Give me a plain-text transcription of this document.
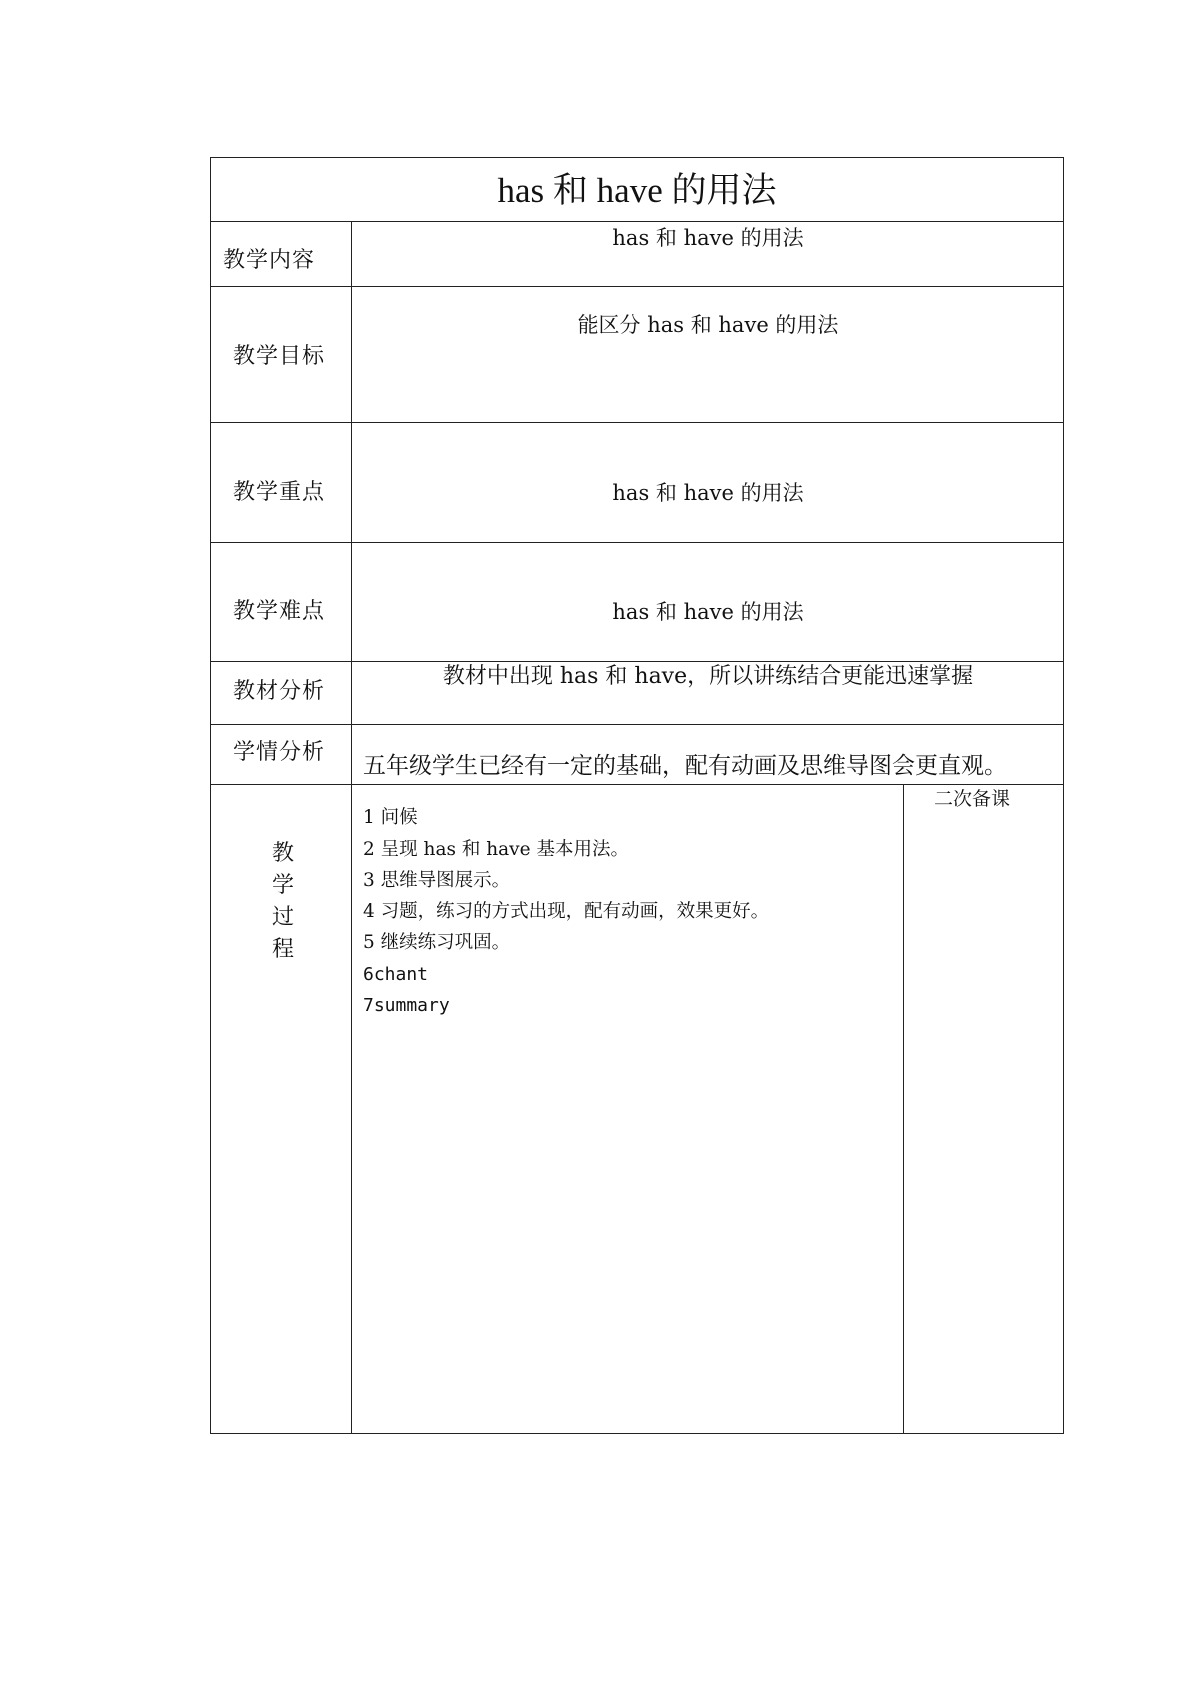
has 和 have 的用法
教学内容
has 和 have 的用法
教学目标
能区分 has 和 have 的用法
教学重点	has 和 have 的用法
教学难点	has 和 have 的用法
教材分析
教材中出现 has 和 have，所以讲练结合更能迅速掌握
学情分析
五年级学生已经有一定的基础，配有动画及思维导图会更直观。
教
学
过
程
二次备课
1 问候
2 呈现 has 和 have 基本用法。
3 思维导图展示。
4 习题，练习的方式出现，配有动画，效果更好。
5 继续练习巩固。
6chant
7summary
